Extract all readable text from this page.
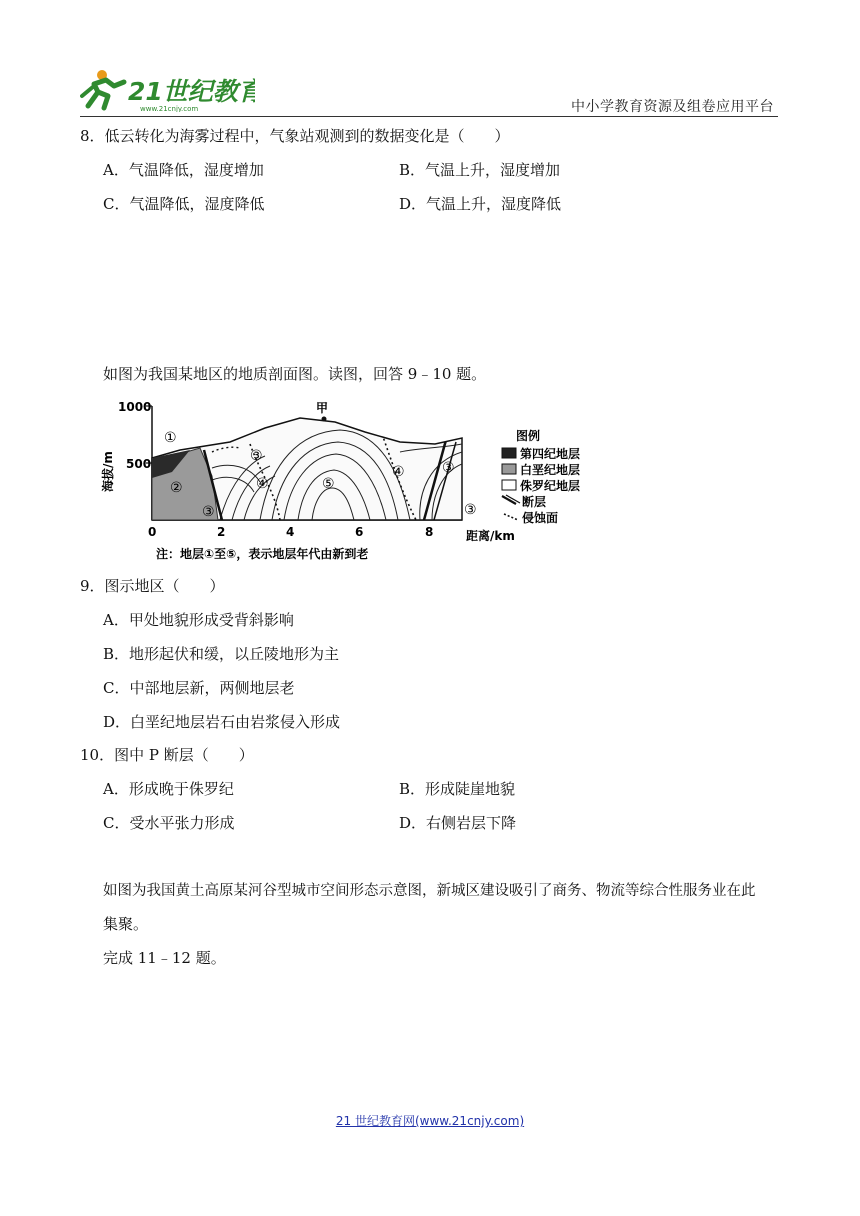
21世纪教育
www.21cnjy.com	中小学教育资源及组卷应用平台
8．低云转化为海雾过程中，气象站观测到的数据变化是（　　）
A．气温降低，湿度增加	B．气温上升，湿度增加
C．气温降低，湿度降低	D．气温上升，湿度降低
如图为我国某地区的地质剖面图。读图，回答 9﹣10 题。
1000
500
海拔/m
0	2	4	6	8	距离/km
甲
①
②
③
③
③
③
④
④
⑤
图例
第四纪地层
白垩纪地层
侏罗纪地层
断层
侵蚀面
注：地层①至⑤，表示地层年代由新到老
9．图示地区（　　）
A．甲处地貌形成受背斜影响
B．地形起伏和缓，以丘陵地形为主
C．中部地层新，两侧地层老
D．白垩纪地层岩石由岩浆侵入形成
10．图中 P 断层（　　）
A．形成晚于侏罗纪	B．形成陡崖地貌
C．受水平张力形成	D．右侧岩层下降
如图为我国黄土高原某河谷型城市空间形态示意图，新城区建设吸引了商务、物流等综合性服务业在此
集聚。
完成 11﹣12 题。
21 世纪教育网(www.21cnjy.com)
